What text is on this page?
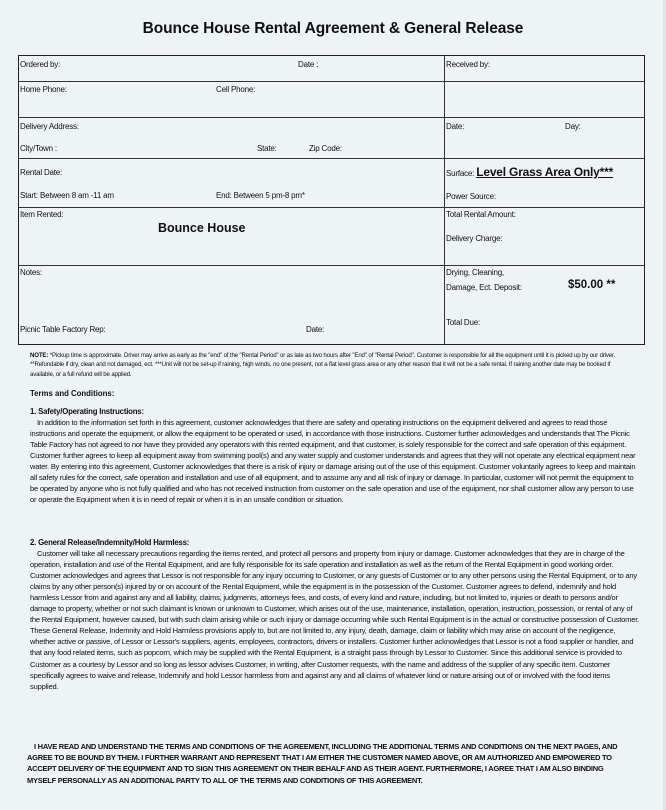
Bounce House Rental Agreement & General Release
Ordered by:	Date :	Received by:
Home Phone:	Cell Phone:
Delivery Address:
City/Town :	State:	Zip Code:
Date:	Day:
Rental Date:
Start: Between 8 am -11 am	End: Between 5 pm-8 pm*
Surface: Level Grass Area Only***
Power Source:
Item Rented:
Bounce House
Total Rental Amount:
Delivery Charge:
Notes:
Picnic Table Factory Rep:	Date:
Drying, Cleaning,
Damage, Ect. Deposit:	$50.00 **
Total Due:
NOTE: *Pickup time is approximate. Driver may arrive as early as the "end" of the "Rental Period" or as late as two hours after "End" of "Rental Period". Customer is responsible for all the equipment until it is picked up by our driver. **Refundable if dry, clean and not damaged, ect. ***Unit will not be set-up if raining, high winds, no one present, not a flat level grass area or any other reason that it will not be a safe rental. If raining another date may be booked if available, or a full refund will be applied.
Terms and Conditions:
1. Safety/Operating Instructions:

In addition to the information set forth in this agreement, customer acknowledges that there are safety and operating instructions on the equipment delivered and agrees to read those instructions and operate the equipment, or allow the equipment to be operated or used, in accordance with those instructions. Customer further acknowledges and understands that The Picnic Table Factory has not agreed to nor have they provided any operators with this rented equipment, and that customer, is solely responsible for the correct and safe operation of this equipment. Customer further agrees to keep all equipment away from swimming pool(s) and any water supply and customer understands and agrees that they will not operate any electrical equipment near water. By entering into this agreement, Customer acknowledges that there is a risk of injury or damage arising out of the use of this equipment. Customer voluntarily agrees to keep and maintain all safety rules for the correct, safe operation and installation and use of all equipment, and to assume any and all risk of injury or damage. In particular, customer will not permit the equipment to be operated by anyone who is not fully qualified and who has not received instruction from customer on the safe operation and use of the equipment, nor shall customer allow any person to use or operate the Equipment when it is in need of repair or when it is in an unsafe condition or situation.

2. General Release/Indemnity/Hold Harmless:

Customer will take all necessary precautions regarding the items rented, and protect all persons and property from injury or damage. Customer acknowledges that they are in charge of the operation, installation and use of the Rental Equipment, and are fully responsible for its safe operation and installation as well as the return of the Rental Equipment in good working order. Customer acknowledges and agrees that Lessor is not responsible for any injury occurring to Customer, or any guests of Customer or to any other persons using the Rental Equipment, or to any claims by any other person(s) injured by or on account of the Rental Equipment, while the equipment is in the possession of the Customer. Customer agrees to defend, indemnify and hold harmless Lessor from and against any and all liability, claims, judgments, attorneys fees, and costs, of every kind and nature, including, but not limited to, injuries or death to persons and/or damage to property, whether or not such claimant is known or unknown to Customer, which arises out of the use, maintenance, installation, operation, instruction, possession, or rental of any of the Rental Equipment, however caused, but with such claim arising while or such injury or damage occurring while such Rental Equipment is in the actual or constructive possession of Customer. These General Release, Indemnity and Hold Harmless provisions apply to, but are not limited to, any injury, death, damage, claim or liability which may arise on account of the negligence, whether active or passive, of Lessor or Lessor's suppliers, agents, employees, contractors, drivers or installers. Customer further acknowledges that Lessor is not a food supplier or handler, and that any food related items, such as popcorn, which may be supplied with the Rental Equipment, is a straight pass through by Lessor to Customer. Since this additional service is provided to Customer as a courtesy by Lessor and so long as lessor advises Customer, in writing, after Customer requests, with the name and address of the supplier of any specific item. Customer specifically agrees to waive and release, Indemnify and hold Lessor harmless from and against any and all claims of whatever kind or nature arising out of or involved with the food items supplied.

I HAVE READ AND UNDERSTAND THE TERMS AND CONDITIONS OF THE AGREEMENT, INCLUDING THE ADDITIONAL TERMS AND CONDITIONS ON THE NEXT PAGES, AND AGREE TO BE BOUND BY THEM. I FURTHER WARRANT AND REPRESENT THAT I AM EITHER THE CUSTOMER NAMED ABOVE, OR AM AUTHORIZED AND EMPOWERED TO ACCEPT DELIVERY OF THE EQUIPMENT AND TO SIGN THIS AGREEMENT ON THEIR BEHALF AND AS THEIR AGENT. FURTHERMORE, I AGREE THAT I AM ALSO BINDING MYSELF PERSONALLY AS AN ADDITIONAL PARTY TO ALL OF THE TERMS AND CONDITIONS OF THIS AGREEMENT.
